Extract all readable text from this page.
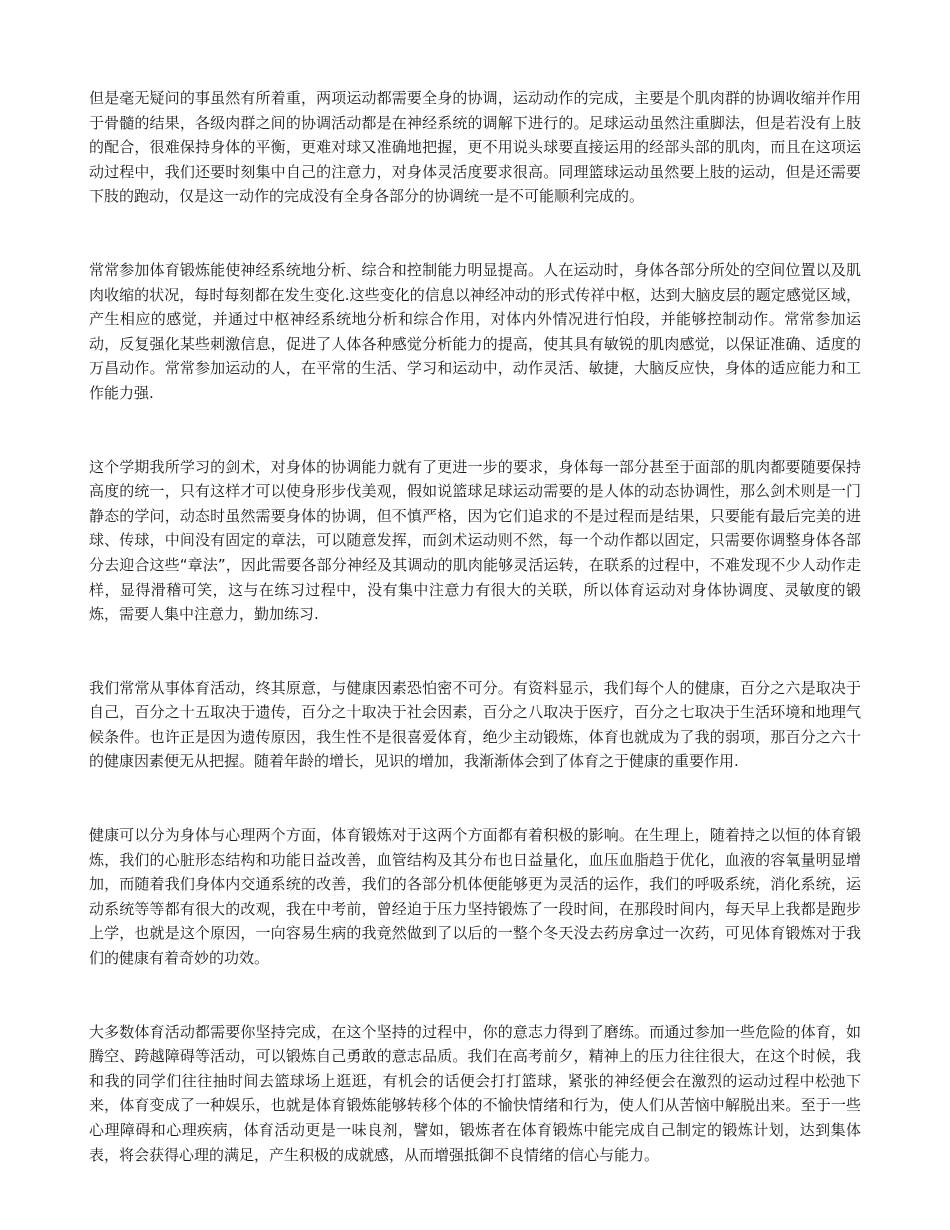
但是毫无疑问的事虽然有所着重，两项运动都需要全身的协调，运动动作的完成，主要是个肌肉群的协调收缩并作用于骨髓的结果，各级肉群之间的协调活动都是在神经系统的调解下进行的。足球运动虽然注重脚法，但是若没有上肢的配合，很难保持身体的平衡，更难对球又准确地把握，更不用说头球要直接运用的经部头部的肌肉，而且在这项运动过程中，我们还要时刻集中自己的注意力，对身体灵活度要求很高。同理篮球运动虽然要上肢的运动，但是还需要下肢的跑动，仅是这一动作的完成没有全身各部分的协调统一是不可能顺利完成的。

常常参加体育锻炼能使神经系统地分析、综合和控制能力明显提高。人在运动时，身体各部分所处的空间位置以及肌肉收缩的状况，每时每刻都在发生变化.这些变化的信息以神经冲动的形式传祥中枢，达到大脑皮层的题定感觉区域，产生相应的感觉，并通过中枢神经系统地分析和综合作用，对体内外情况进行怕段，并能够控制动作。常常参加运动，反复强化某些刺激信息，促进了人体各种感觉分析能力的提高，使其具有敏锐的肌肉感觉，以保证准确、适度的万昌动作。常常参加运动的人，在平常的生活、学习和运动中，动作灵活、敏捷，大脑反应快，身体的适应能力和工作能力强.

这个学期我所学习的剑术，对身体的协调能力就有了更进一步的要求，身体每一部分甚至于面部的肌肉都要随要保持高度的统一，只有这样才可以使身形步伐美观，假如说篮球足球运动需要的是人体的动态协调性，那么剑术则是一门静态的学问，动态时虽然需要身体的协调，但不慎严格，因为它们追求的不是过程而是结果，只要能有最后完美的进球、传球，中间没有固定的章法，可以随意发挥，而剑术运动则不然，每一个动作都以固定，只需要你调整身体各部分去迎合这些“章法”，因此需要各部分神经及其调动的肌肉能够灵活运转，在联系的过程中，不难发现不少人动作走样，显得滑稽可笑，这与在练习过程中，没有集中注意力有很大的关联，所以体育运动对身体协调度、灵敏度的锻炼，需要人集中注意力，勤加练习.

我们常常从事体育活动，终其原意，与健康因素恐怕密不可分。有资料显示，我们每个人的健康，百分之六是取决于自己，百分之十五取决于遗传，百分之十取决于社会因素，百分之八取决于医疗，百分之七取决于生活环境和地理气候条件。也许正是因为遗传原因，我生性不是很喜爱体育，绝少主动锻炼，体育也就成为了我的弱项，那百分之六十的健康因素便无从把握。随着年龄的增长，见识的增加，我渐渐体会到了体育之于健康的重要作用.

健康可以分为身体与心理两个方面，体育锻炼对于这两个方面都有着积极的影响。在生理上，随着持之以恒的体育锻炼，我们的心脏形态结构和功能日益改善，血管结构及其分布也日益量化，血压血脂趋于优化，血液的容氧量明显增加，而随着我们身体内交通系统的改善，我们的各部分机体便能够更为灵活的运作，我们的呼吸系统，消化系统，运动系统等等都有很大的改观，我在中考前，曾经迫于压力坚持锻炼了一段时间，在那段时间内，每天早上我都是跑步上学，也就是这个原因，一向容易生病的我竟然做到了以后的一整个冬天没去药房拿过一次药，可见体育锻炼对于我们的健康有着奇妙的功效。

大多数体育活动都需要你坚持完成，在这个坚持的过程中，你的意志力得到了磨练。而通过参加一些危险的体育，如腾空、跨越障碍等活动，可以锻炼自己勇敢的意志品质。我们在高考前夕，精神上的压力往往很大，在这个时候，我和我的同学们往往抽时间去篮球场上逛逛，有机会的话便会打打篮球，紧张的神经便会在激烈的运动过程中松弛下来，体育变成了一种娱乐，也就是体育锻炼能够转移个体的不愉快情绪和行为，使人们从苦恼中解脱出来。至于一些心理障碍和心理疾病，体育活动更是一味良剂，譬如，锻炼者在体育锻炼中能完成自己制定的锻炼计划，达到集体表，将会获得心理的满足，产生积极的成就感，从而增强抵御不良情绪的信心与能力。
